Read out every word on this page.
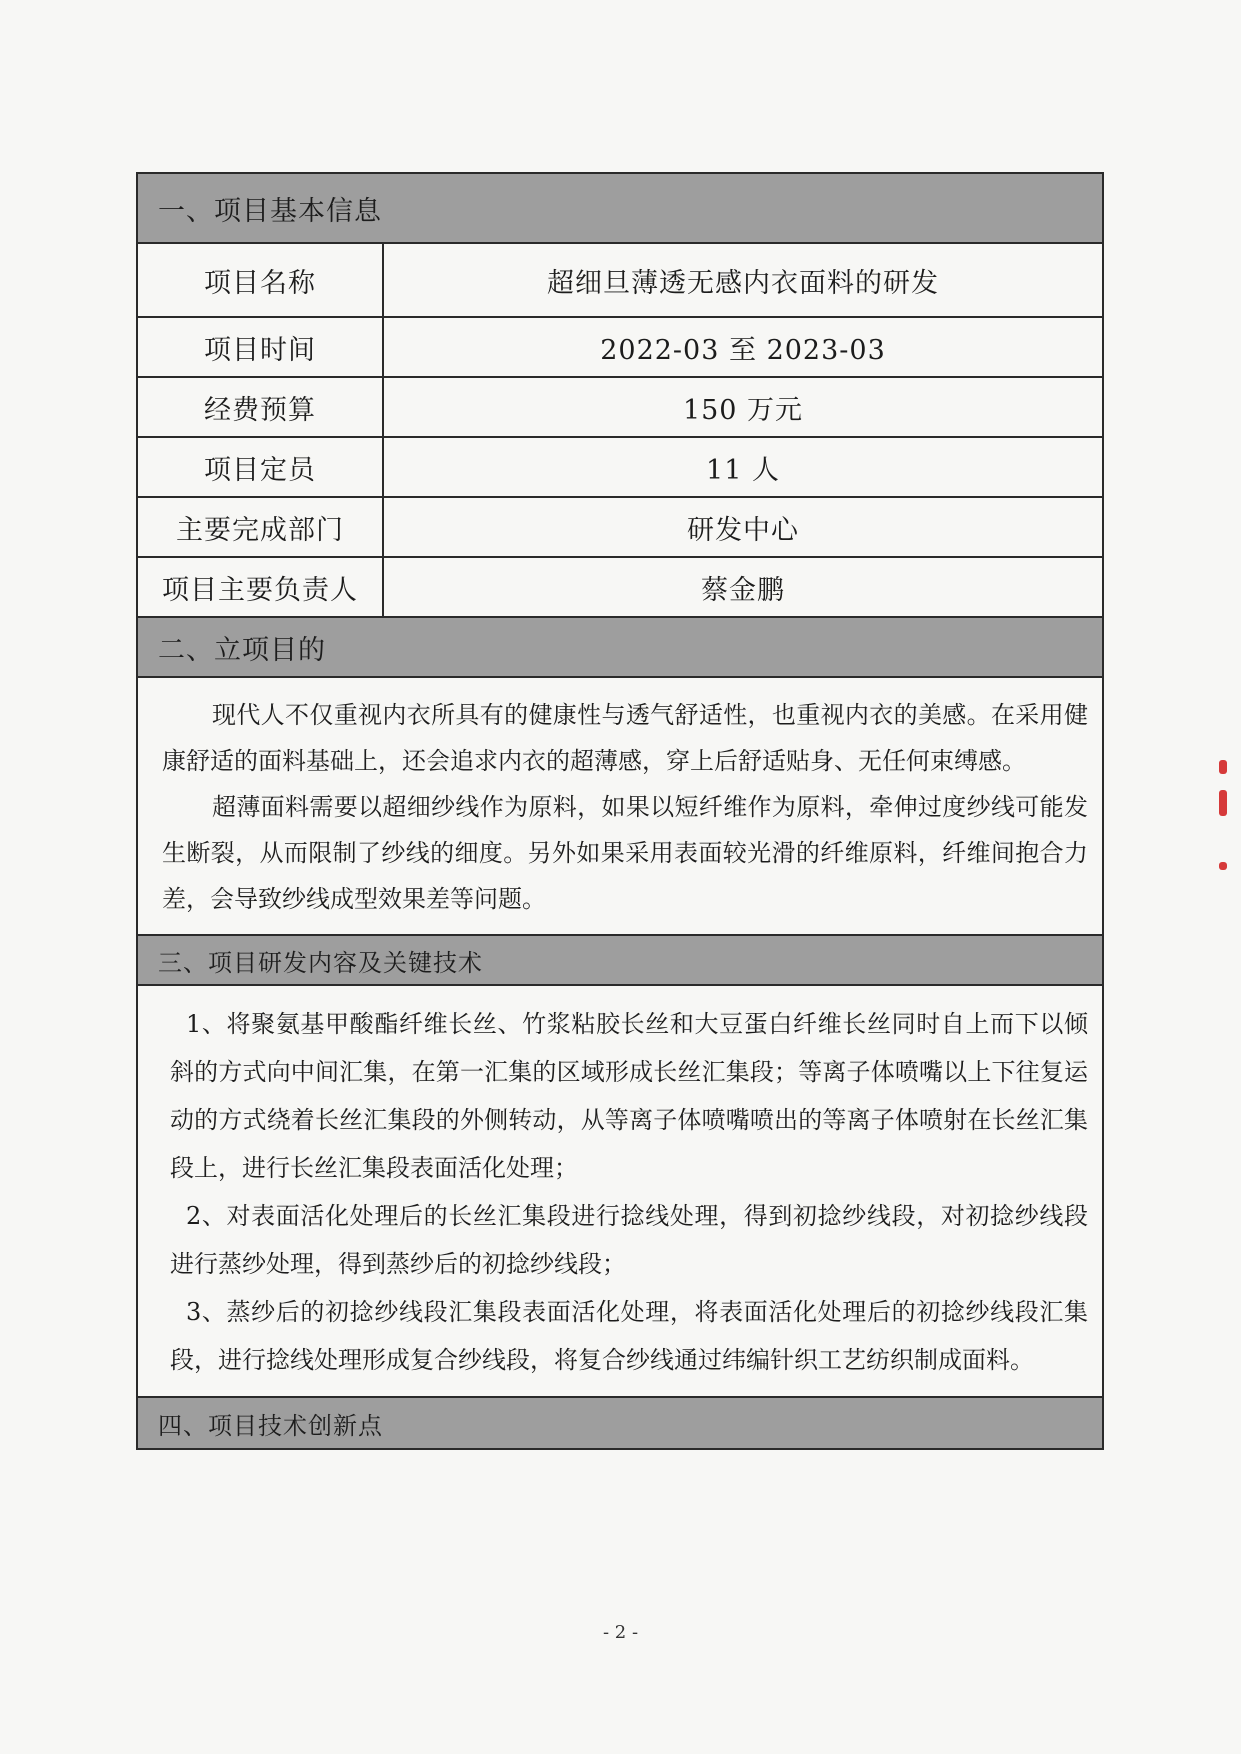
一、项目基本信息
项目名称	超细旦薄透无感内衣面料的研发
项目时间	2022-03 至 2023-03
经费预算	150 万元
项目定员	11 人
主要完成部门	研发中心
项目主要负责人	蔡金鹏
二、立项目的

现代人不仅重视内衣所具有的健康性与透气舒适性，也重视内衣的美感。在采用健康舒适的面料基础上，还会追求内衣的超薄感，穿上后舒适贴身、无任何束缚感。

超薄面料需要以超细纱线作为原料，如果以短纤维作为原料，牵伸过度纱线可能发生断裂，从而限制了纱线的细度。另外如果采用表面较光滑的纤维原料，纤维间抱合力差，会导致纱线成型效果差等问题。

三、项目研发内容及关键技术

1、将聚氨基甲酸酯纤维长丝、竹浆粘胶长丝和大豆蛋白纤维长丝同时自上而下以倾斜的方式向中间汇集，在第一汇集的区域形成长丝汇集段；等离子体喷嘴以上下往复运动的方式绕着长丝汇集段的外侧转动，从等离子体喷嘴喷出的等离子体喷射在长丝汇集段上，进行长丝汇集段表面活化处理；

2、对表面活化处理后的长丝汇集段进行捻线处理，得到初捻纱线段，对初捻纱线段进行蒸纱处理，得到蒸纱后的初捻纱线段；

3、蒸纱后的初捻纱线段汇集段表面活化处理，将表面活化处理后的初捻纱线段汇集段，进行捻线处理形成复合纱线段，将复合纱线通过纬编针织工艺纺织制成面料。

四、项目技术创新点
- 2 -
